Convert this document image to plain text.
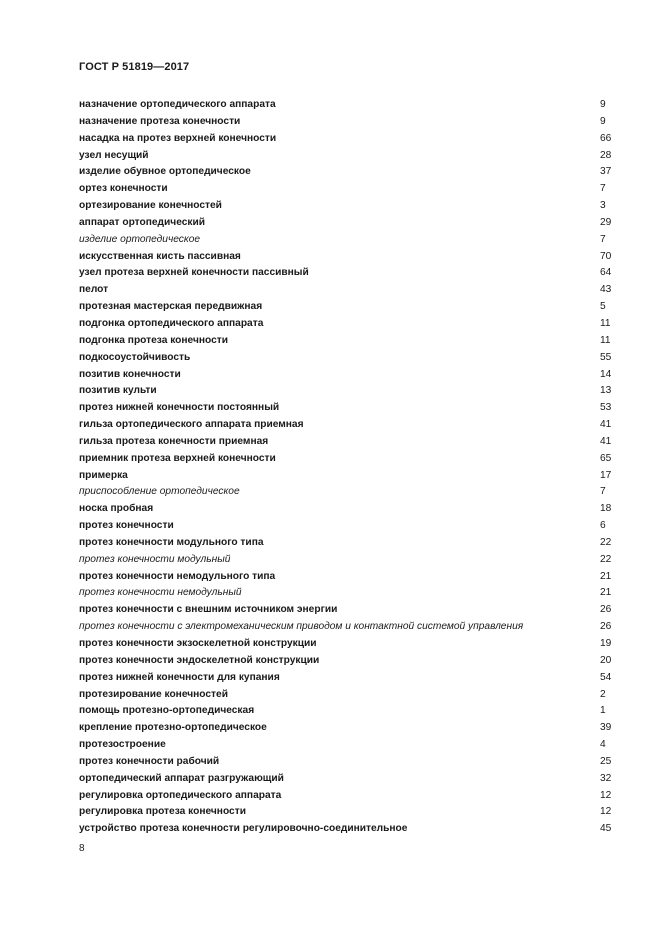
ГОСТ Р 51819—2017
назначение ортопедического аппарата	9
назначение протеза конечности	9
насадка на протез верхней конечности	66
узел несущий	28
изделие обувное ортопедическое	37
ортез конечности	7
ортезирование конечностей	3
аппарат ортопедический	29
изделие ортопедическое	7
искусственная кисть пассивная	70
узел протеза верхней конечности пассивный	64
пелот	43
протезная мастерская передвижная	5
подгонка ортопедического аппарата	11
подгонка протеза конечности	11
подкосоустойчивость	55
позитив конечности	14
позитив культи	13
протез нижней конечности постоянный	53
гильза ортопедического аппарата приемная	41
гильза протеза конечности приемная	41
приемник протеза верхней конечности	65
примерка	17
приспособление ортопедическое	7
носка пробная	18
протез конечности	6
протез конечности модульного типа	22
протез конечности модульный	22
протез конечности немодульного типа	21
протез конечности немодульный	21
протез конечности с внешним источником энергии	26
протез конечности с электромеханическим приводом и контактной системой управления	26
протез конечности экзоскелетной конструкции	19
протез конечности эндоскелетной конструкции	20
протез нижней конечности для купания	54
протезирование конечностей	2
помощь протезно-ортопедическая	1
крепление протезно-ортопедическое	39
протезостроение	4
протез конечности рабочий	25
ортопедический аппарат разгружающий	32
регулировка ортопедического аппарата	12
регулировка протеза конечности	12
устройство протеза конечности регулировочно-соединительное	45
8
